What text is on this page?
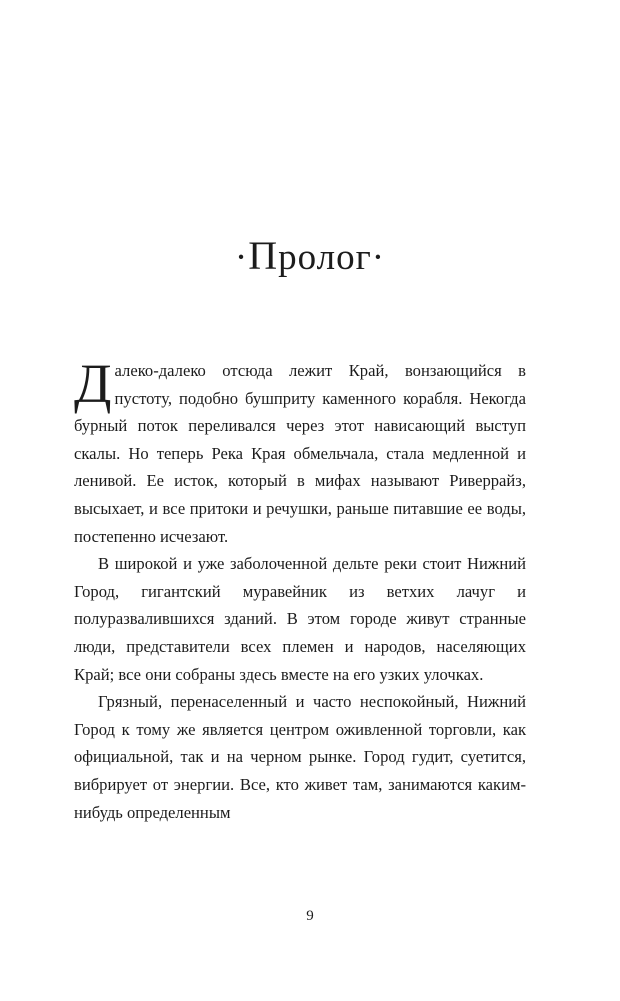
·Пролог·

Далеко-далеко отсюда лежит Край, вонзающийся в пустоту, подобно бушприту каменного корабля. Некогда бурный поток переливался через этот нависающий выступ скалы. Но теперь Река Края обмельчала, стала медленной и ленивой. Ее исток, который в мифах называют Риверрайз, высыхает, и все притоки и речушки, раньше питавшие ее воды, постепенно исчезают.

В широкой и уже заболоченной дельте реки стоит Нижний Город, гигантский муравейник из ветхих лачуг и полуразвалившихся зданий. В этом городе живут странные люди, представители всех племен и народов, населяющих Край; все они собраны здесь вместе на его узких улочках.

Грязный, перенаселенный и часто неспокойный, Нижний Город к тому же является центром оживленной торговли, как официальной, так и на черном рынке. Город гудит, суетится, вибрирует от энергии. Все, кто живет там, занимаются каким-нибудь определенным

9
